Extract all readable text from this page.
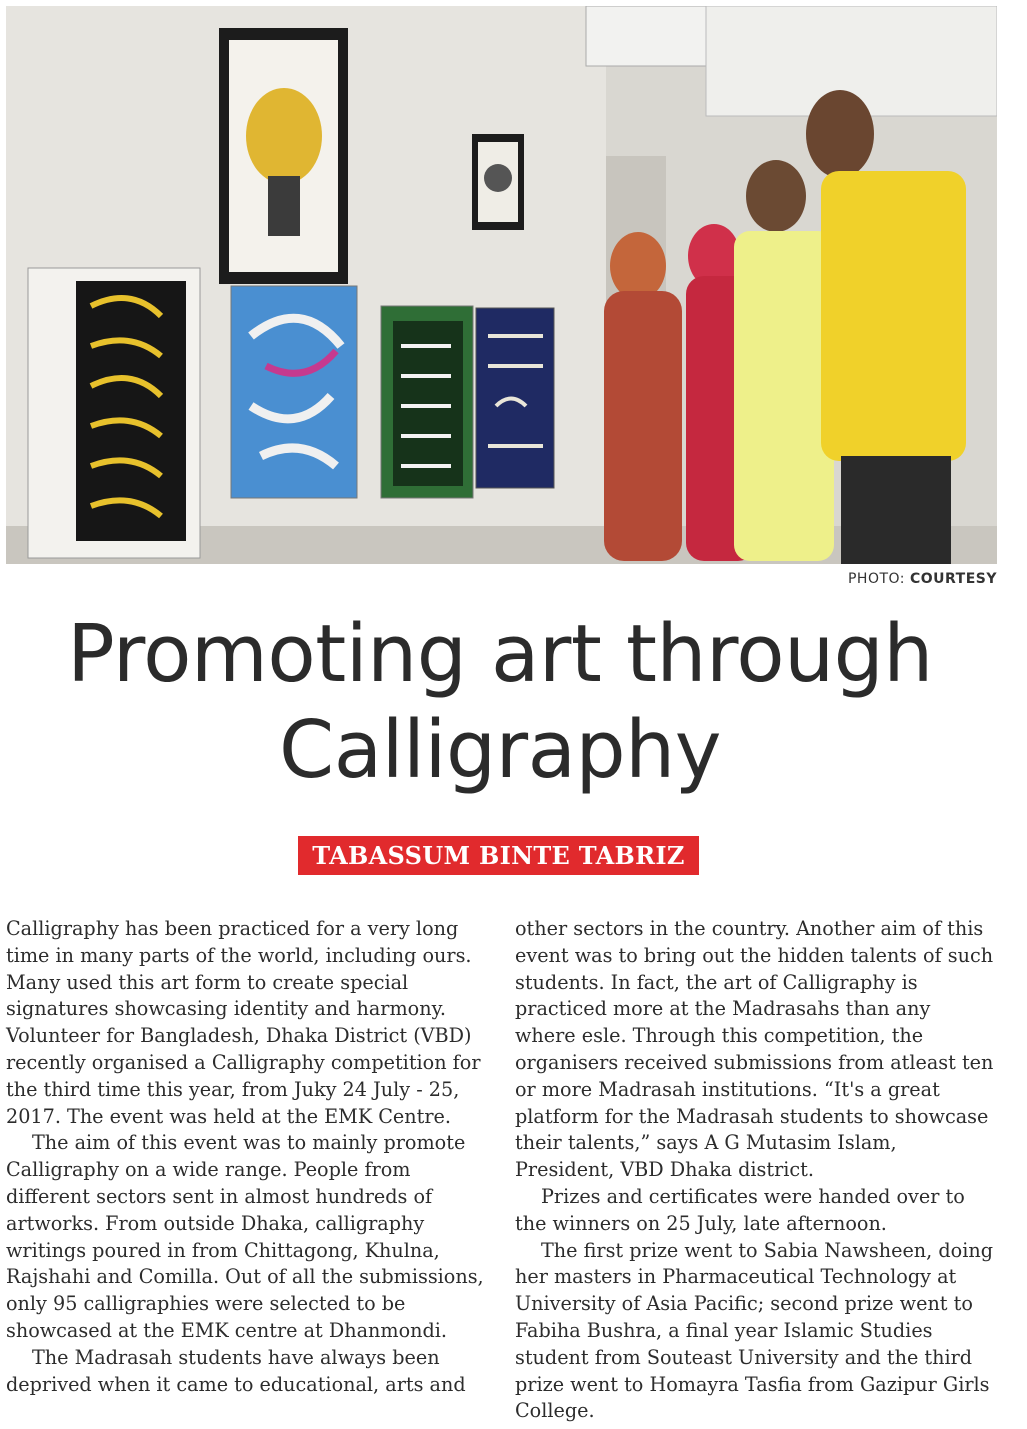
PHOTO: COURTESY
Promoting art through
Calligraphy
TABASSUM BINTE TABRIZ

Calligraphy has been practiced for a very long time in many parts of the world, including ours. Many used this art form to create special signatures showcasing identity and harmony. Volunteer for Bangladesh, Dhaka District (VBD) recently organised a Calligraphy competition for the third time this year, from Juky 24 July - 25, 2017. The event was held at the EMK Centre.

The aim of this event was to mainly promote Calligraphy on a wide range. People from different sectors sent in almost hundreds of artworks. From outside Dhaka, calligraphy writings poured in from Chittagong, Khulna, Rajshahi and Comilla. Out of all the submissions, only 95 calligraphies were selected to be showcased at the EMK centre at Dhanmondi.

The Madrasah students have always been deprived when it came to educational, arts and

other sectors in the country. Another aim of this event was to bring out the hidden talents of such students. In fact, the art of Calligraphy is practiced more at the Madrasahs than any where esle. Through this competition, the organisers received submissions from atleast ten or more Madrasah institutions. “It's a great platform for the Madrasah students to showcase their talents,” says A G Mutasim Islam, President, VBD Dhaka district.

Prizes and certificates were handed over to the winners on 25 July, late afternoon.

The first prize went to Sabia Nawsheen, doing her masters in Pharmaceutical Technology at University of Asia Pacific; second prize went to Fabiha Bushra, a final year Islamic Studies student from Souteast University and the third prize went to Homayra Tasfia from Gazipur Girls College.
